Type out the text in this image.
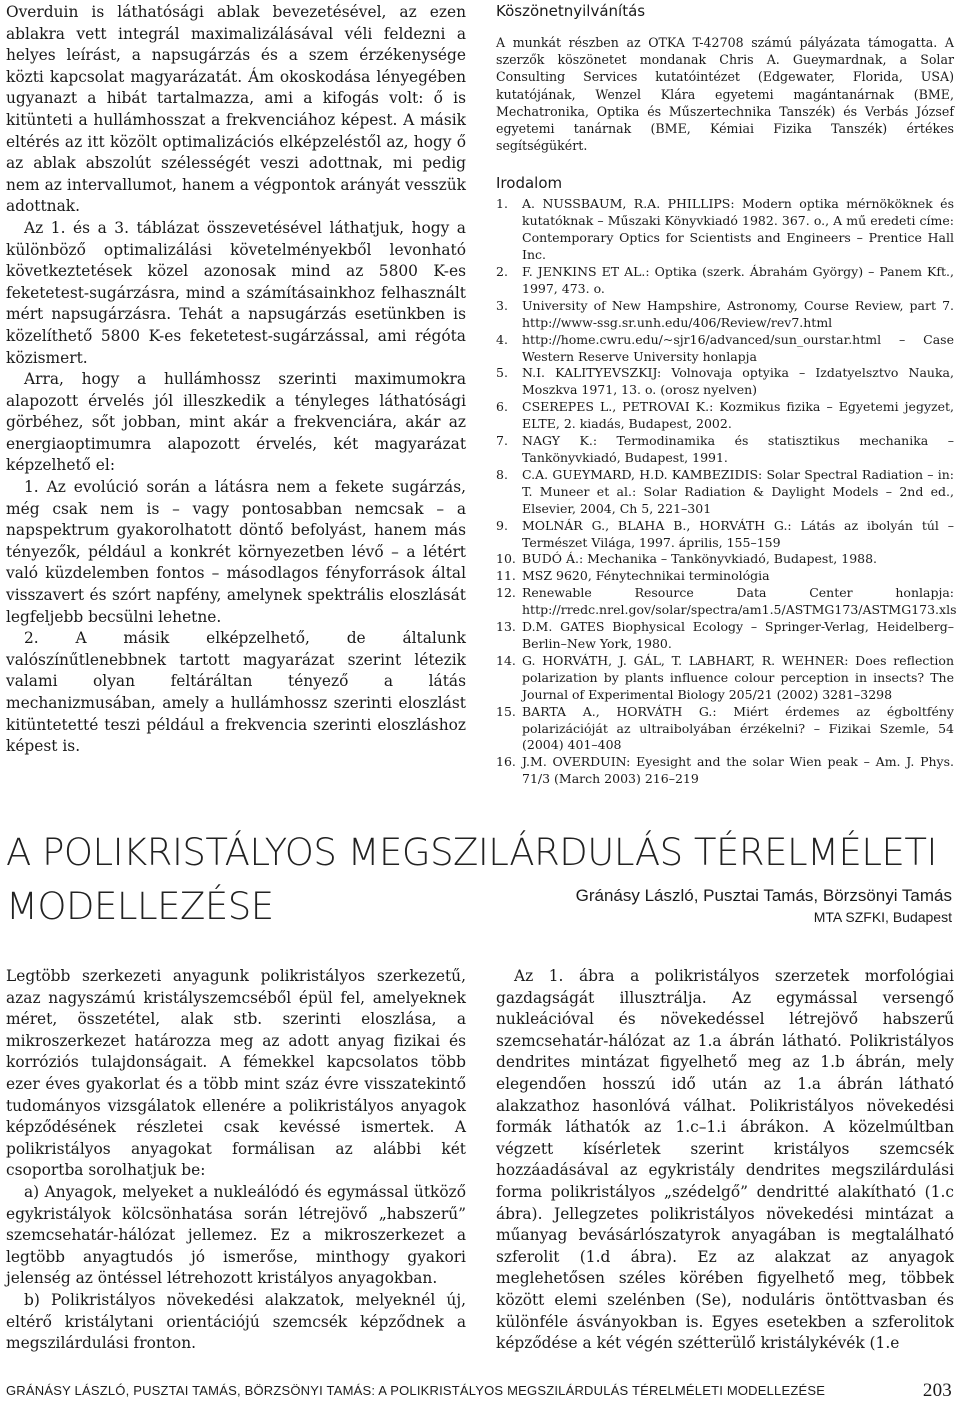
Overduin is láthatósági ablak bevezetésével, az ezen ablakra vett integrál maximalizálásával véli feldezni a helyes leírást, a napsugárzás és a szem érzékenysége közti kapcsolat magyarázatát. Ám okoskodása lényegében ugyanazt a hibát tartalmazza, ami a kifogás volt: ő is kitünteti a hullámhosszat a frekvenciához képest. A másik eltérés az itt közölt optimalizációs elképzeléstől az, hogy ő az ablak abszolút szélességét veszi adottnak, mi pedig nem az intervallumot, hanem a végpontok arányát vesszük adottnak.

Az 1. és a 3. táblázat összevetésével láthatjuk, hogy a különböző optimalizálási követelményekből levonható következtetések közel azonosak mind az 5800 K-es feketetest-sugárzásra, mind a számításainkhoz felhasznált mért napsugárzásra. Tehát a napsugárzás esetünkben is közelíthető 5800 K-es feketetest-sugárzással, ami régóta közismert.

Arra, hogy a hullámhossz szerinti maximumokra alapozott érvelés jól illeszkedik a tényleges láthatósági görbéhez, sőt jobban, mint akár a frekvenciára, akár az energiaoptimumra alapozott érvelés, két magyarázat képzelhető el:

1. Az evolúció során a látásra nem a fekete sugárzás, még csak nem is – vagy pontosabban nemcsak – a napspektrum gyakorolhatott döntő befolyást, hanem más tényezők, például a konkrét környezetben lévő – a létért való küzdelemben fontos – másodlagos fényforrások által visszavert és szórt napfény, amelynek spektrális eloszlását legfeljebb becsülni lehetne.

2. A másik elképzelhető, de általunk valószínűtlenebbnek tartott magyarázat szerint létezik valami olyan feltáráltan tényező a látás mechanizmusában, amely a hullámhossz szerinti eloszlást kitüntetetté teszi például a frekvencia szerinti eloszláshoz képest is.

Köszönetnyilvánítás

A munkát részben az OTKA T-42708 számú pályázata támogatta. A szerzők köszönetet mondanak Chris A. Gueymardnak, a Solar Consulting Services kutatóintézet (Edgewater, Florida, USA) kutatójának, Wenzel Klára egyetemi magántanárnak (BME, Mechatronika, Optika és Műszertechnika Tanszék) és Verbás József egyetemi tanárnak (BME, Kémiai Fizika Tanszék) értékes segítségükért.

Irodalom
1. A. NUSSBAUM, R.A. PHILLIPS: Modern optika mérnököknek és kutatóknak – Műszaki Könyvkiadó 1982. 367. o., A mű eredeti címe: Contemporary Optics for Scientists and Engineers – Prentice Hall Inc.
2. F. JENKINS ET AL.: Optika (szerk. Ábrahám György) – Panem Kft., 1997, 473. o.
3. University of New Hampshire, Astronomy, Course Review, part 7. http://www-ssg.sr.unh.edu/406/Review/rev7.html
4. http://home.cwru.edu/~sjr16/advanced/sun_ourstar.html – Case Western Reserve University honlapja
5. N.I. KALITYEVSZKIJ: Volnovaja optyika – Izdatyelsztvo Nauka, Moszkva 1971, 13. o. (orosz nyelven)
6. CSEREPES L., PETROVAI K.: Kozmikus fizika – Egyetemi jegyzet, ELTE, 2. kiadás, Budapest, 2002.
7. NAGY K.: Termodinamika és statisztikus mechanika – Tankönyvkiadó, Budapest, 1991.
8. C.A. GUEYMARD, H.D. KAMBEZIDIS: Solar Spectral Radiation – in: T. Muneer et al.: Solar Radiation & Daylight Models – 2nd ed., Elsevier, 2004, Ch 5, 221–301
9. MOLNÁR G., BLAHA B., HORVÁTH G.: Látás az ibolyán túl – Természet Világa, 1997. április, 155–159
10. BUDÓ Á.: Mechanika – Tankönyvkiadó, Budapest, 1988.
11. MSZ 9620, Fénytechnikai terminológia
12. Renewable Resource Data Center honlapja: http://rredc.nrel.gov/solar/spectra/am1.5/ASTMG173/ASTMG173.xls
13. D.M. GATES Biophysical Ecology – Springer-Verlag, Heidelberg–Berlin–New York, 1980.
14. G. HORVÁTH, J. GÁL, T. LABHART, R. WEHNER: Does reflection polarization by plants influence colour perception in insects? The Journal of Experimental Biology 205/21 (2002) 3281–3298
15. BARTA A., HORVÁTH G.: Miért érdemes az égboltfény polarizációját az ultraibolyában érzékelni? – Fizikai Szemle, 54 (2004) 401–408
16. J.M. OVERDUIN: Eyesight and the solar Wien peak – Am. J. Phys. 71/3 (March 2003) 216–219
A POLIKRISTÁLYOS MEGSZILÁRDULÁS TÉRELMÉLETI
MODELLEZÉSE	Gránásy László, Pusztai Tamás, Börzsönyi Tamás
MTA SZFKI, Budapest

Legtöbb szerkezeti anyagunk polikristályos szerkezetű, azaz nagyszámú kristályszemcséből épül fel, amelyeknek méret, összetétel, alak stb. szerinti eloszlása, a mikroszerkezet határozza meg az adott anyag fizikai és korróziós tulajdonságait. A fémekkel kapcsolatos több ezer éves gyakorlat és a több mint száz évre visszatekintő tudományos vizsgálatok ellenére a polikristályos anyagok képződésének részletei csak kevéssé ismertek. A polikristályos anyagokat formálisan az alábbi két csoportba sorolhatjuk be:

a) Anyagok, melyeket a nukleálódó és egymással ütköző egykristályok kölcsönhatása során létrejövő „habszerű” szemcsehatár-hálózat jellemez. Ez a mikroszerkezet a legtöbb anyagtudós jó ismerőse, minthogy gyakori jelenség az öntéssel létrehozott kristályos anyagokban.

b) Polikristályos növekedési alakzatok, melyeknél új, eltérő kristálytani orientációjú szemcsék képződnek a megszilárdulási fronton.

Az 1. ábra a polikristályos szerzetek morfológiai gazdagságát illusztrálja. Az egymással versengő nukleációval és növekedéssel létrejövő habszerű szemcsehatár-hálózat az 1.a ábrán látható. Polikristályos dendrites mintázat figyelhető meg az 1.b ábrán, mely elegendően hosszú idő után az 1.a ábrán látható alakzathoz hasonlóvá válhat. Polikristályos növekedési formák láthatók az 1.c–1.i ábrákon. A közelmúltban végzett kísérletek szerint kristályos szemcsék hozzáadásával az egykristály dendrites megszilárdulási forma polikristályos „szédelgő” dendritté alakítható (1.c ábra). Jellegzetes polikristályos növekedési mintázat a műanyag bevásárlószatyrok anyagában is megtalálható szferolit (1.d ábra). Ez az alakzat az anyagok meglehetősen széles körében figyelhető meg, többek között elemi szelénben (Se), noduláris öntöttvasban és különféle ásványokban is. Egyes esetekben a szferolitok képződése a két végén szétterülő kristálykévék (1.e

GRÁNÁSY LÁSZLÓ, PUSZTAI TAMÁS, BÖRZSÖNYI TAMÁS: A POLIKRISTÁLYOS MEGSZILÁRDULÁS TÉRELMÉLETI MODELLEZÉSE	203
